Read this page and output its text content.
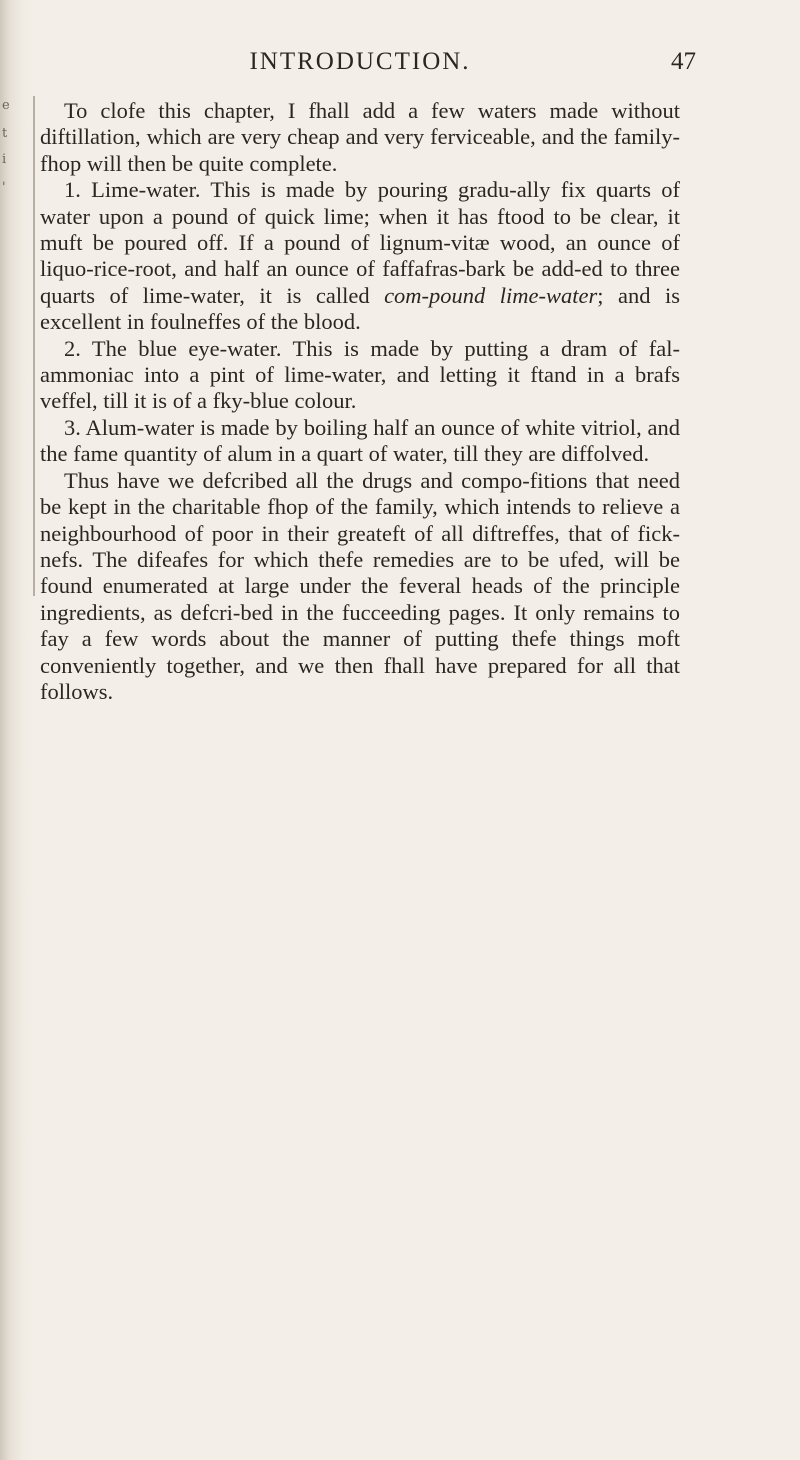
e
t
i
'
INTRODUCTION.	47

To clofe this chapter, I fhall add a few waters made without diftillation, which are very cheap and very ferviceable, and the family-fhop will then be quite complete.

1. Lime-water. This is made by pouring gradu-ally fix quarts of water upon a pound of quick lime; when it has ftood to be clear, it muft be poured off. If a pound of lignum-vitæ wood, an ounce of liquo-rice-root, and half an ounce of faffafras-bark be add-ed to three quarts of lime-water, it is called com-pound lime-water; and is excellent in foulneffes of the blood.

2. The blue eye-water. This is made by putting a dram of fal-ammoniac into a pint of lime-water, and letting it ftand in a brafs veffel, till it is of a fky-blue colour.

3. Alum-water is made by boiling half an ounce of white vitriol, and the fame quantity of alum in a quart of water, till they are diffolved.

Thus have we defcribed all the drugs and compo-fitions that need be kept in the charitable fhop of the family, which intends to relieve a neighbourhood of poor in their greateft of all diftreffes, that of fick-nefs. The difeafes for which thefe remedies are to be ufed, will be found enumerated at large under the feveral heads of the principle ingredients, as defcri-bed in the fucceeding pages. It only remains to fay a few words about the manner of putting thefe things moft conveniently together, and we then fhall have prepared for all that follows.
